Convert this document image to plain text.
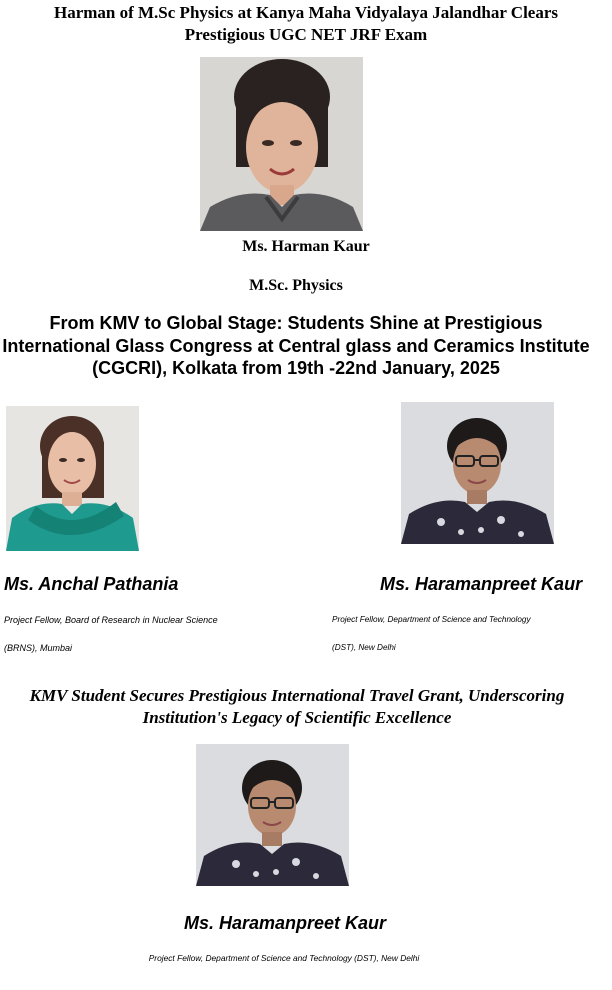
Harman of M.Sc Physics at Kanya Maha Vidyalaya Jalandhar Clears
Prestigious UGC NET JRF Exam
Ms. Harman Kaur
M.Sc. Physics
From KMV to Global Stage: Students Shine at Prestigious
International Glass Congress at Central glass and Ceramics Institute
(CGCRI), Kolkata from 19th -22nd January, 2025
Ms. Anchal Pathania
Project Fellow, Board of Research in Nuclear Science
(BRNS), Mumbai
Ms. Haramanpreet Kaur
Project Fellow, Department of Science and Technology
(DST), New Delhi
KMV Student Secures Prestigious International Travel Grant, Underscoring
Institution's Legacy of Scientific Excellence
Ms. Haramanpreet Kaur
Project Fellow, Department of Science and Technology (DST), New Delhi
